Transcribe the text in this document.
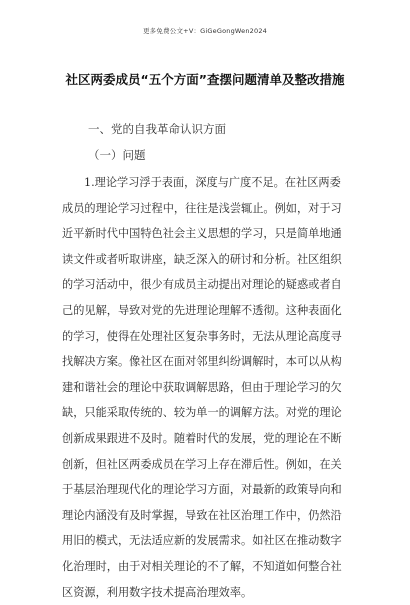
更多免费公文+V：GiGeGongWen2024
社区两委成员“五个方面”查摆问题清单及整改措施
一、党的自我革命认识方面
（一）问题
1.理论学习浮于表面，深度与广度不足。在社区两委
成员的理论学习过程中，往往是浅尝辄止。例如，对于习
近平新时代中国特色社会主义思想的学习，只是简单地通
读文件或者听取讲座，缺乏深入的研讨和分析。社区组织
的学习活动中，很少有成员主动提出对理论的疑惑或者自
己的见解，导致对党的先进理论理解不透彻。这种表面化
的学习，使得在处理社区复杂事务时，无法从理论高度寻
找解决方案。像社区在面对邻里纠纷调解时，本可以从构
建和谐社会的理论中获取调解思路，但由于理论学习的欠
缺，只能采取传统的、较为单一的调解方法。对党的理论
创新成果跟进不及时。随着时代的发展，党的理论在不断
创新，但社区两委成员在学习上存在滞后性。例如，在关
于基层治理现代化的理论学习方面，对最新的政策导向和
理论内涵没有及时掌握，导致在社区治理工作中，仍然沿
用旧的模式，无法适应新的发展需求。如社区在推动数字
化治理时，由于对相关理论的不了解，不知道如何整合社
区资源，利用数字技术提高治理效率。
